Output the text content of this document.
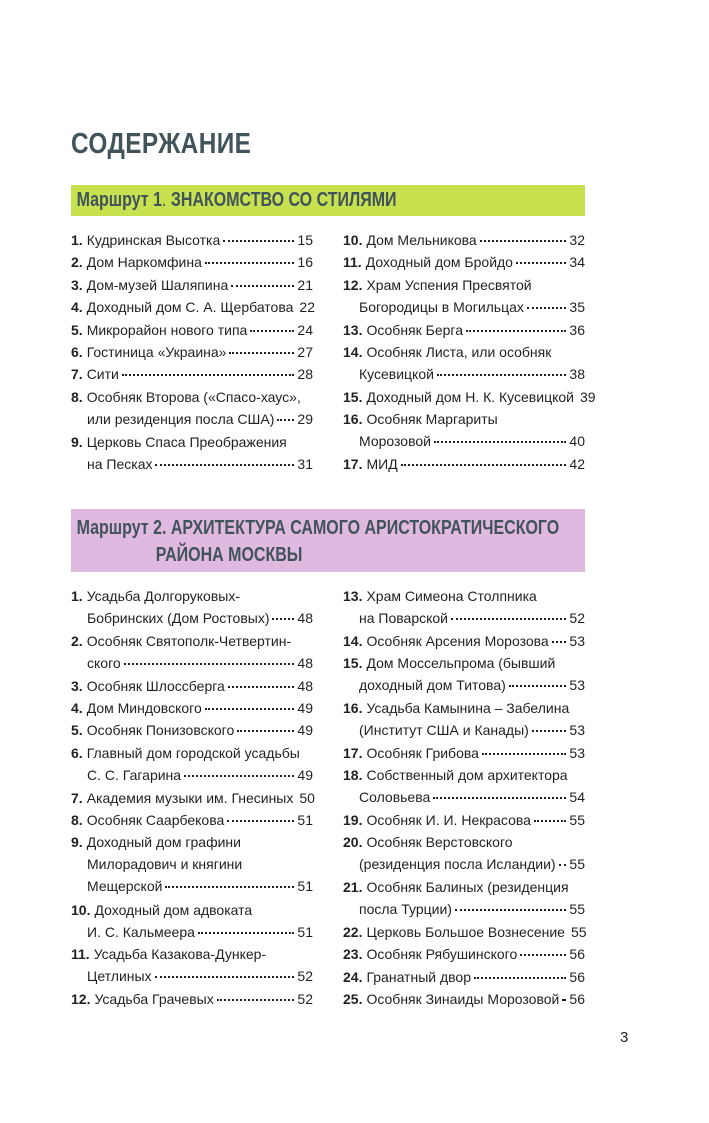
СОДЕРЖАНИЕ
Маршрут 1. ЗНАКОМСТВО СО СТИЛЯМИ
1. Кудринская Высотка	15
2. Дом Наркомфина	16
3. Дом-музей Шаляпина	21
4. Доходный дом С. А. Щербатова 22
5. Микрорайон нового типа	24
6. Гостиница «Украина»	27
7. Сити	28
8. Особняк Второва («Спасо-хаус»,
или резиденция посла США) 29
9. Церковь Спаса Преображения
на Песках	31
10. Дом Мельникова	32
11. Доходный дом Бройдо	34
12. Храм Успения Пресвятой
Богородицы в Могильцах	35
13. Особняк Берга	36
14. Особняк Листа, или особняк
Кусевицкой	38
15. Доходный дом Н. К. Кусевицкой 39
16. Особняк Маргариты
Морозовой	40
17. МИД	42
Маршрут 2. АРХИТЕКТУРА САМОГО АРИСТОКРАТИЧЕСКОГО
РАЙОНА МОСКВЫ
1. Усадьба Долгоруковых-
Бобринских (Дом Ростовых) 48
2. Особняк Святополк-Четвертин-
ского	48
3. Особняк Шлоссберга	48
4. Дом Миндовского	49
5. Особняк Понизовского	49
6. Главный дом городской усадьбы
С. С. Гагарина	49
7. Академия музыки им. Гнесиных 50
8. Особняк Саарбекова	51
9. Доходный дом графини
Милорадович и княгини
Мещерской	51
10. Доходный дом адвоката
И. С. Кальмеера	51
11. Усадьба Казакова-Дункер-
Цетлиных	52
12. Усадьба Грачевых	52
13. Храм Симеона Столпника
на Поварской	52
14. Особняк Арсения Морозова 53
15. Дом Моссельпрома (бывший
доходный дом Титова)	53
16. Усадьба Камынина – Забелина
(Институт США и Канады)	53
17. Особняк Грибова	53
18. Собственный дом архитектора
Соловьева	54
19. Особняк И. И. Некрасова	55
20. Особняк Верстовского
(резиденция посла Исландии) 55
21. Особняк Балиных (резиденция
посла Турции)	55
22. Церковь Большое Вознесение 55
23. Особняк Рябушинского	56
24. Гранатный двор	56
25. Особняк Зинаиды Морозовой 56
3
